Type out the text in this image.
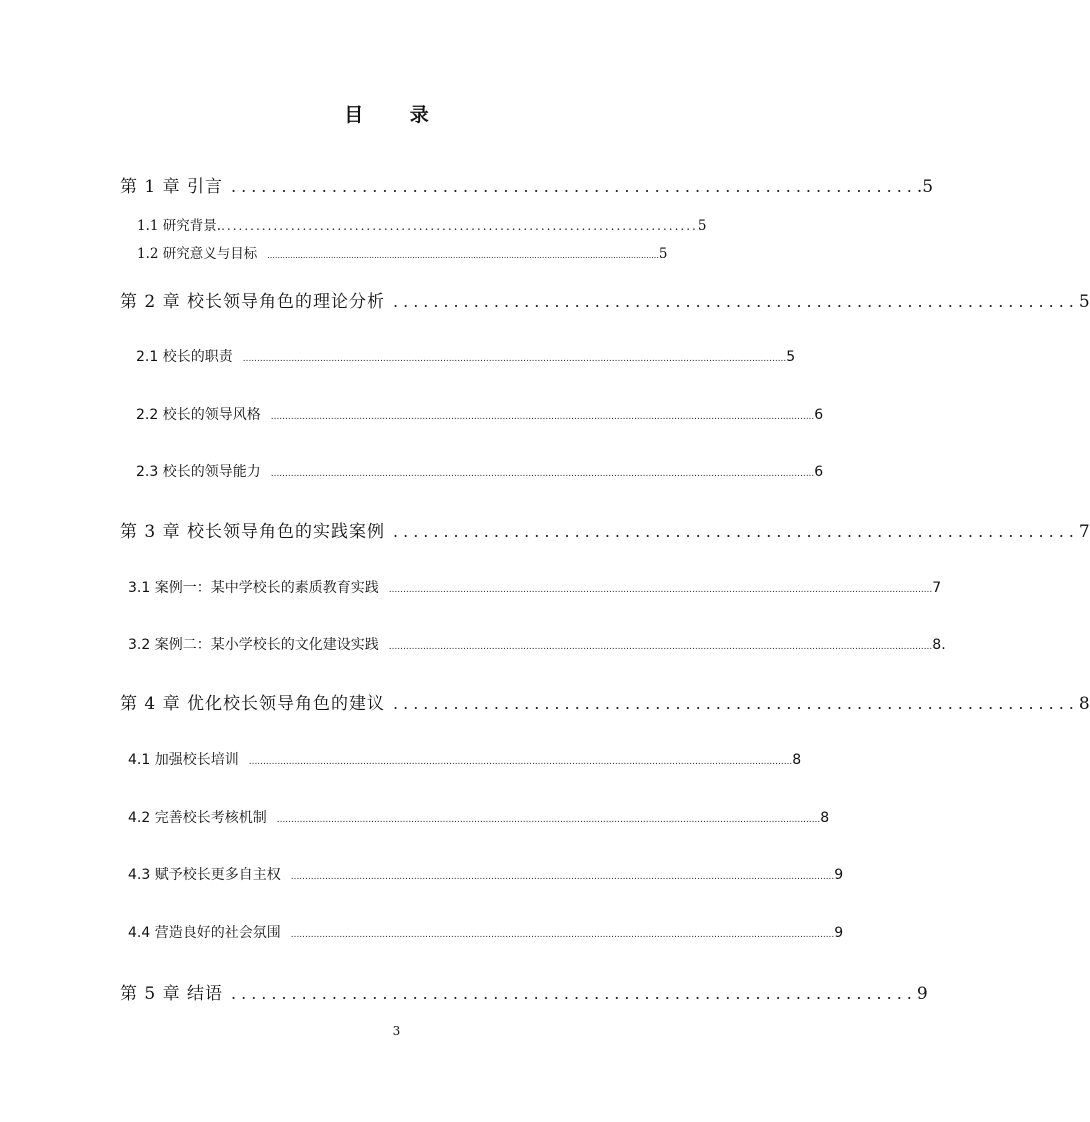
目 录
第 1 章 引言 .................................................................... .5
1.1 研究背景. .................................................................................. 5
1.2 研究意义与目标	.......................................................................................................................................................... 5
第 2 章 校长领导角色的理论分析 .................................................................... 5
2.1 校长的职责	.............................................................................................................................................................................................. 5
2.2 校长的领导风格	.............................................................................................................................................................................................. 6
2.3 校长的领导能力	.............................................................................................................................................................................................. 6
第 3 章 校长领导角色的实践案例 .................................................................... 7
3.1 案例一：某中学校长的素质教育实践	.............................................................................................................................................................................................. 7
3.2 案例二：某小学校长的文化建设实践	.............................................................................................................................................................................................. 8.
第 4 章 优化校长领导角色的建议 .................................................................... 8
4.1 加强校长培训	.............................................................................................................................................................................................. 8
4.2 完善校长考核机制	.............................................................................................................................................................................................. 8
4.3 赋予校长更多自主权	.............................................................................................................................................................................................. 9
4.4 营造良好的社会氛围	.............................................................................................................................................................................................. 9
第 5 章 结语 .................................................................... 9
3
